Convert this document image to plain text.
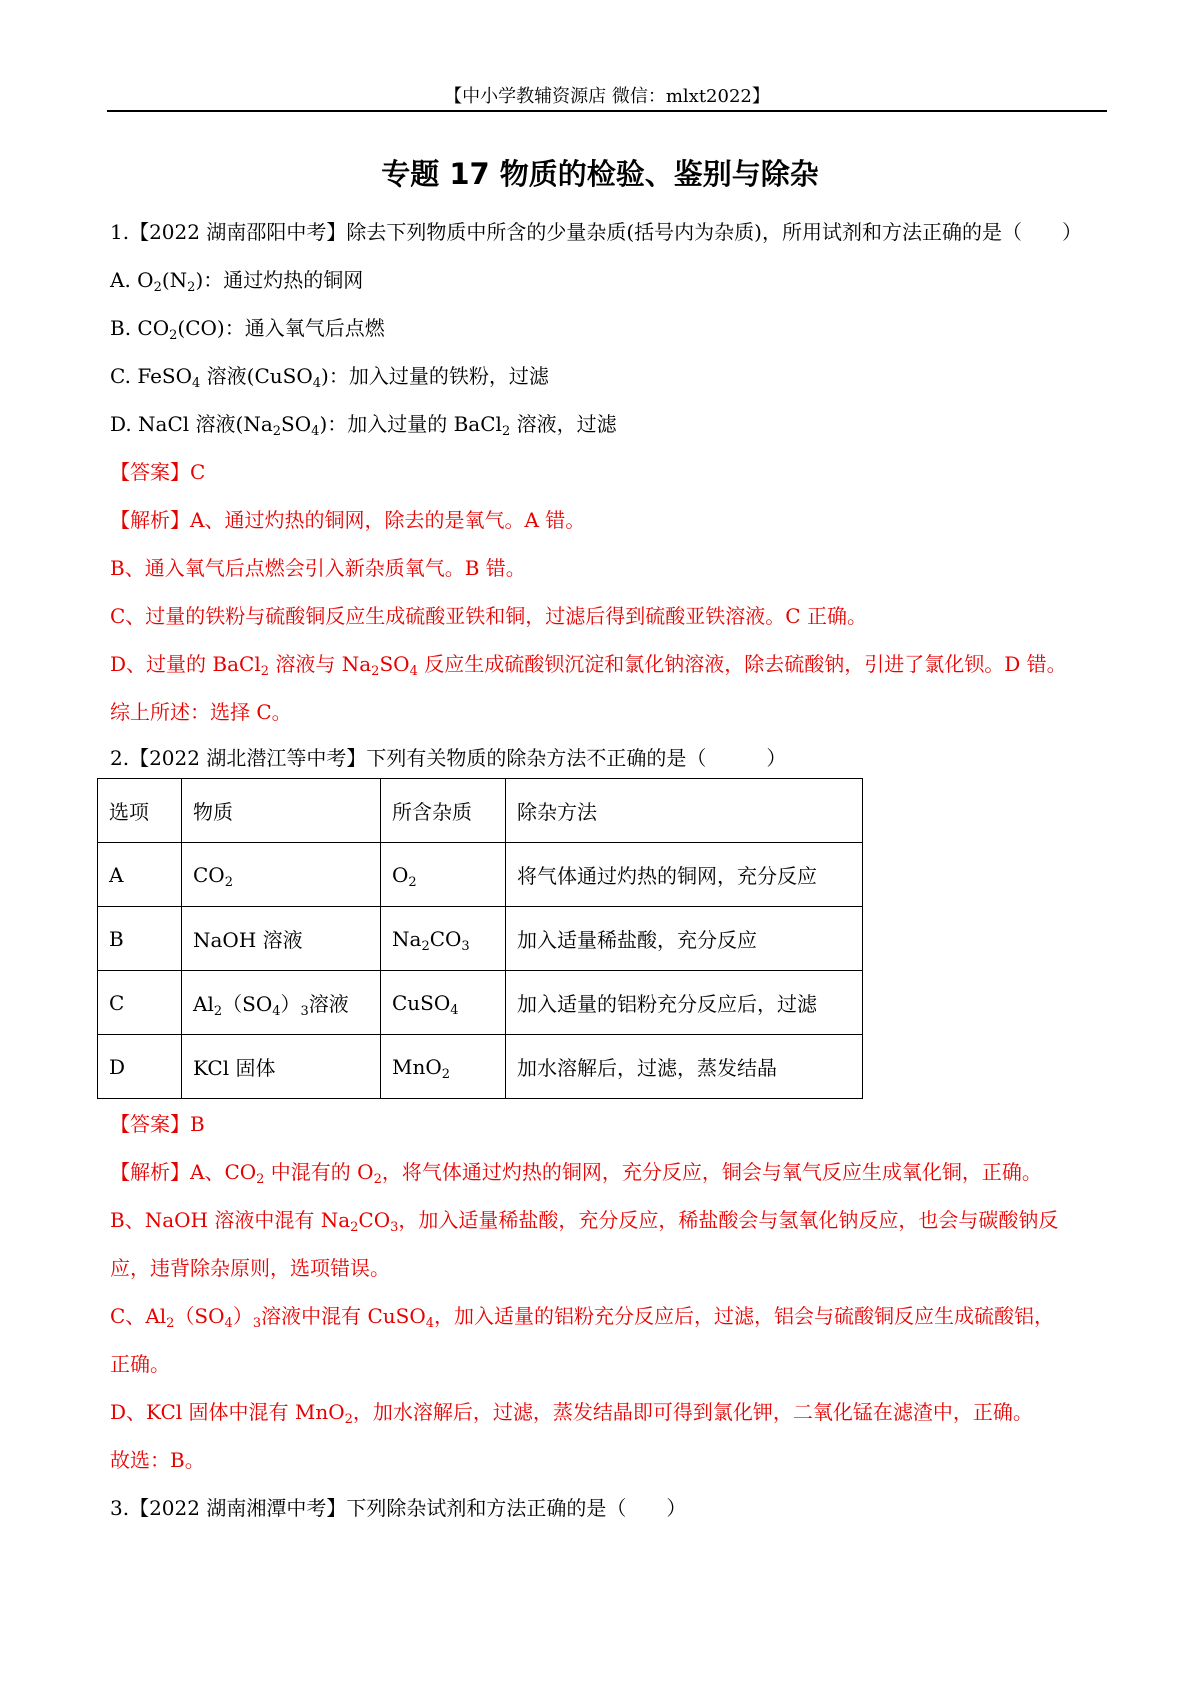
【中小学教辅资源店 微信：mlxt2022】
专题 17 物质的检验、鉴别与除杂
1.【2022 湖南邵阳中考】除去下列物质中所含的少量杂质(括号内为杂质)，所用试剂和方法正确的是（　　）
A. $O_2(N_2)$：通过灼热的铜网
B. $CO_2(CO)$：通入氧气后点燃
C. FeSO$_4$ 溶液(CuSO$_4$)：加入过量的铁粉，过滤
D. NaCl 溶液$(Na_2SO_4)$：加入过量的 BaCl$_2$ 溶液，过滤
【答案】C
【解析】A、通过灼热的铜网，除去的是氧气。A 错。
B、通入氧气后点燃会引入新杂质氧气。B 错。
C、过量的铁粉与硫酸铜反应生成硫酸亚铁和铜，过滤后得到硫酸亚铁溶液。C 正确。
D、过量的 BaCl$_2$ 溶液与 $Na_2SO_4$ 反应生成硫酸钡沉淀和氯化钠溶液，除去硫酸钠，引进了氯化钡。D 错。
综上所述：选择 C。
2.【2022 湖北潜江等中考】下列有关物质的除杂方法不正确的是（　　　）
选项	物质	所含杂质	除杂方法
A	$CO_2$	$O_2$	将气体通过灼热的铜网，充分反应
B	NaOH 溶液	$Na_2CO_3$	加入适量稀盐酸，充分反应
C	$Al_2(SO_4)_3$溶液	CuSO$_4$	加入适量的铝粉充分反应后，过滤
D	KCl 固体	MnO$_2$	加水溶解后，过滤，蒸发结晶
【答案】B
【解析】A、$CO_2$ 中混有的 $O_2$，将气体通过灼热的铜网，充分反应，铜会与氧气反应生成氧化铜，正确。
B、NaOH 溶液中混有 $Na_2CO_3$，加入适量稀盐酸，充分反应，稀盐酸会与氢氧化钠反应，也会与碳酸钠反
应，违背除杂原则，选项错误。
C、$Al_2(SO_4)_3$溶液中混有 CuSO$_4$，加入适量的铝粉充分反应后，过滤，铝会与硫酸铜反应生成硫酸铝，
正确。
D、KCl 固体中混有 MnO$_2$，加水溶解后，过滤，蒸发结晶即可得到氯化钾，二氧化锰在滤渣中，正确。
故选：B。
3.【2022 湖南湘潭中考】下列除杂试剂和方法正确的是（　　）
